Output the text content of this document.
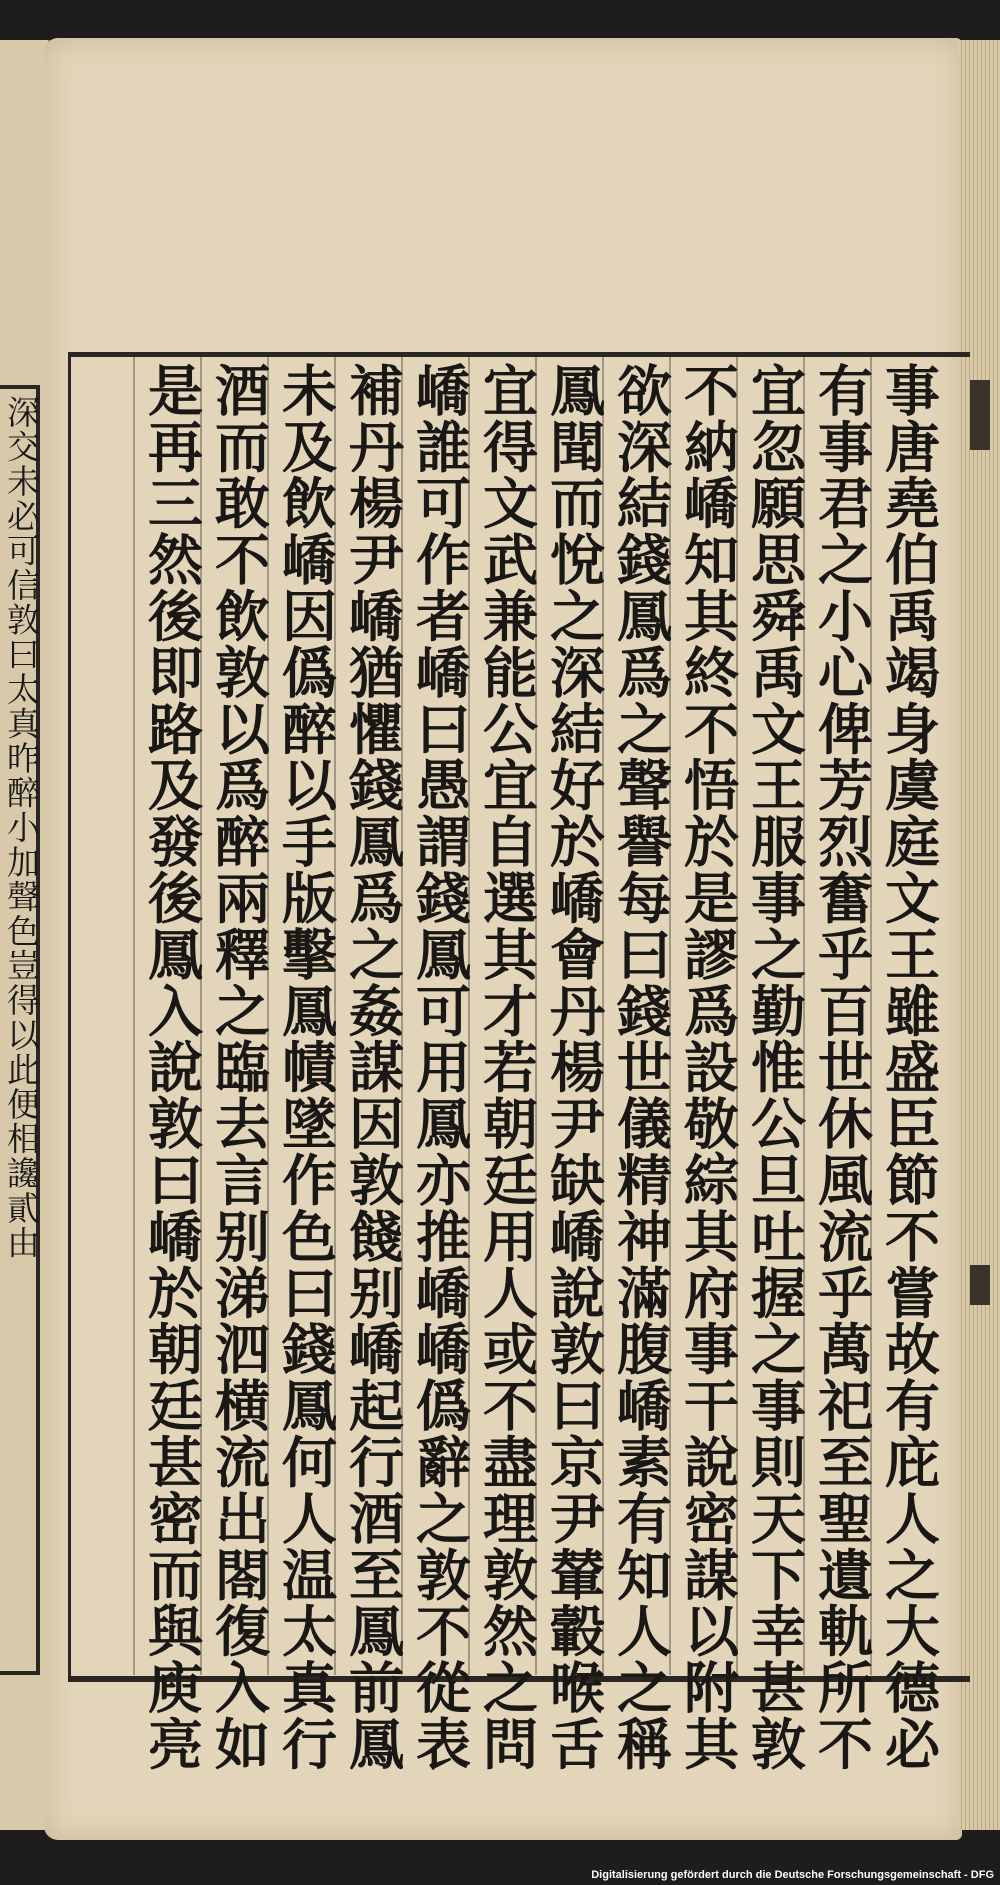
深交未必可信敦曰太真昨醉小加聲色豈得以此便相讒貳由	事唐堯伯禹竭身虞庭文王雖盛臣節不嘗故有庇人之大德必
有事君之小心俾芳烈奮乎百世休風流乎萬祀至聖遺軌所不
宜忽願思舜禹文王服事之勤惟公旦吐握之事則天下幸甚敦
不納嶠知其終不悟於是謬爲設敬綜其府事干說密謀以附其
欲深結錢鳳爲之聲譽每曰錢世儀精神滿腹嶠素有知人之稱
鳳聞而悅之深結好於嶠會丹楊尹缺嶠說敦曰京尹輦轂喉舌
宜得文武兼能公宜自選其才若朝廷用人或不盡理敦然之問
嶠誰可作者嶠曰愚謂錢鳳可用鳳亦推嶠嶠僞辭之敦不從表
補丹楊尹嶠猶懼錢鳳爲之姦謀因敦餞别嶠起行酒至鳳前鳳
未及飲嶠因僞醉以手版擊鳳幘墜作色曰錢鳳何人温太真行
酒而敢不飲敦以爲醉兩釋之臨去言别涕泗横流出閤復入如
是再三然後即路及發後鳳入說敦曰嶠於朝廷甚密而與庾亮
Digitalisierung gefördert durch die Deutsche Forschungsgemeinschaft - DFG
